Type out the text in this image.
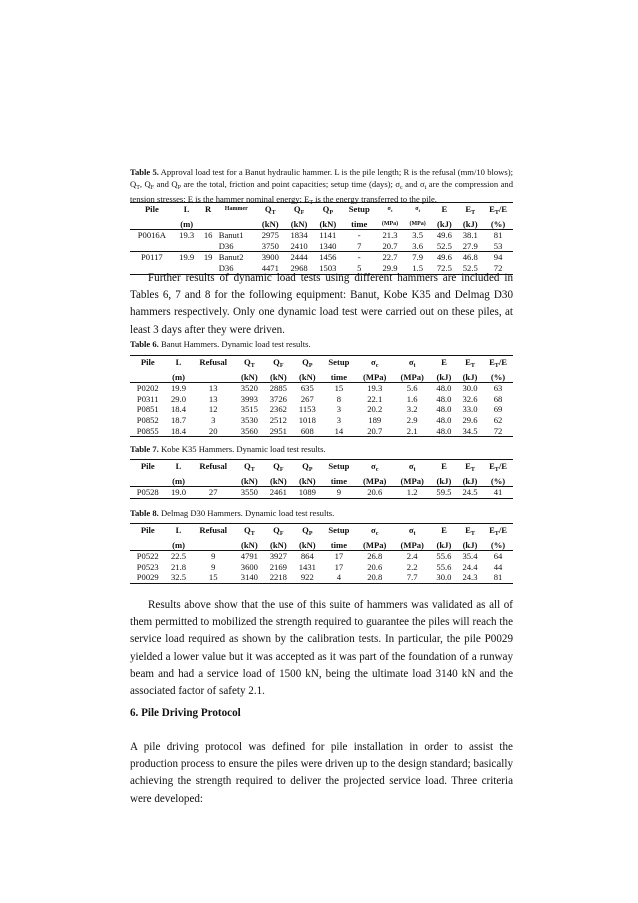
Table 5. Approval load test for a Banut hydraulic hammer. L is the pile length; R is the refusal (mm/10 blows); $Q_T$, $Q_F$ and $Q_P$ are the total, friction and point capacities; setup time (days); $\sigma_c$ and $\sigma_t$ are the compression and tension stresses; E is the hammer nominal energy; $E_T$ is the energy transferred to the pile.
Pile	L	R	Hammer	$Q_T$	$Q_F$	$Q_P$	Setup	$\sigma_c$	$\sigma_t$	E	$E_T$	$E_T/E$
	(m)			(kN)	(kN)	(kN)	time	(MPa)	(MPa)	(kJ)	(kJ)	(%)
P0016A	19.3	16	Banut1	2975	1834	1141	-	21.3	3.5	49.6	38.1	81
			D36	3750	2410	1340	7	20.7	3.6	52.5	27.9	53
P0117	19.9	19	Banut2	3900	2444	1456	-	22.7	7.9	49.6	46.8	94
			D36	4471	2968	1503	5	29.9	1.5	72.5	52.5	72
Further results of dynamic load tests using different hammers are included in Tables 6, 7 and 8 for the following equipment: Banut, Kobe K35 and Delmag D30 hammers respectively. Only one dynamic load test were carried out on these piles, at least 3 days after they were driven.
Table 6. Banut Hammers. Dynamic load test results.
Pile	L	Refusal	$Q_T$	$Q_F$	$Q_P$	Setup	$\sigma_c$	$\sigma_t$	E	$E_T$	$E_T/E$
	(m)		(kN)	(kN)	(kN)	time	(MPa)	(MPa)	(kJ)	(kJ)	(%)
P0202	19.9	13	3520	2885	635	15	19.3	5.6	48.0	30.0	63
P0311	29.0	13	3993	3726	267	8	22.1	1.6	48.0	32.6	68
P0851	18.4	12	3515	2362	1153	3	20.2	3.2	48.0	33.0	69
P0852	18.7	3	3530	2512	1018	3	189	2.9	48.0	29.6	62
P0855	18.4	20	3560	2951	608	14	20.7	2.1	48.0	34.5	72
Table 7. Kobe K35 Hammers. Dynamic load test results.
Pile	L	Refusal	$Q_T$	$Q_F$	$Q_P$	Setup	$\sigma_c$	$\sigma_t$	E	$E_T$	$E_T/E$
	(m)		(kN)	(kN)	(kN)	time	(MPa)	(MPa)	(kJ)	(kJ)	(%)
P0528	19.0	27	3550	2461	1089	9	20.6	1.2	59.5	24.5	41
Table 8. Delmag D30 Hammers. Dynamic load test results.
Pile	L	Refusal	$Q_T$	$Q_F$	$Q_P$	Setup	$\sigma_c$	$\sigma_t$	E	$E_T$	$E_T/E$
	(m)		(kN)	(kN)	(kN)	time	(MPa)	(MPa)	(kJ)	(kJ)	(%)
P0522	22.5	9	4791	3927	864	17	26.8	2.4	55.6	35.4	64
P0523	21.8	9	3600	2169	1431	17	20.6	2.2	55.6	24.4	44
P0029	32.5	15	3140	2218	922	4	20.8	7.7	30.0	24.3	81
Results above show that the use of this suite of hammers was validated as all of them permitted to mobilized the strength required to guarantee the piles will reach the service load required as shown by the calibration tests. In particular, the pile P0029 yielded a lower value but it was accepted as it was part of the foundation of a runway beam and had a service load of 1500 kN, being the ultimate load 3140 kN and the associated factor of safety 2.1.
6. Pile Driving Protocol
A pile driving protocol was defined for pile installation in order to assist the production process to ensure the piles were driven up to the design standard; basically achieving the strength required to deliver the projected service load. Three criteria were developed:
